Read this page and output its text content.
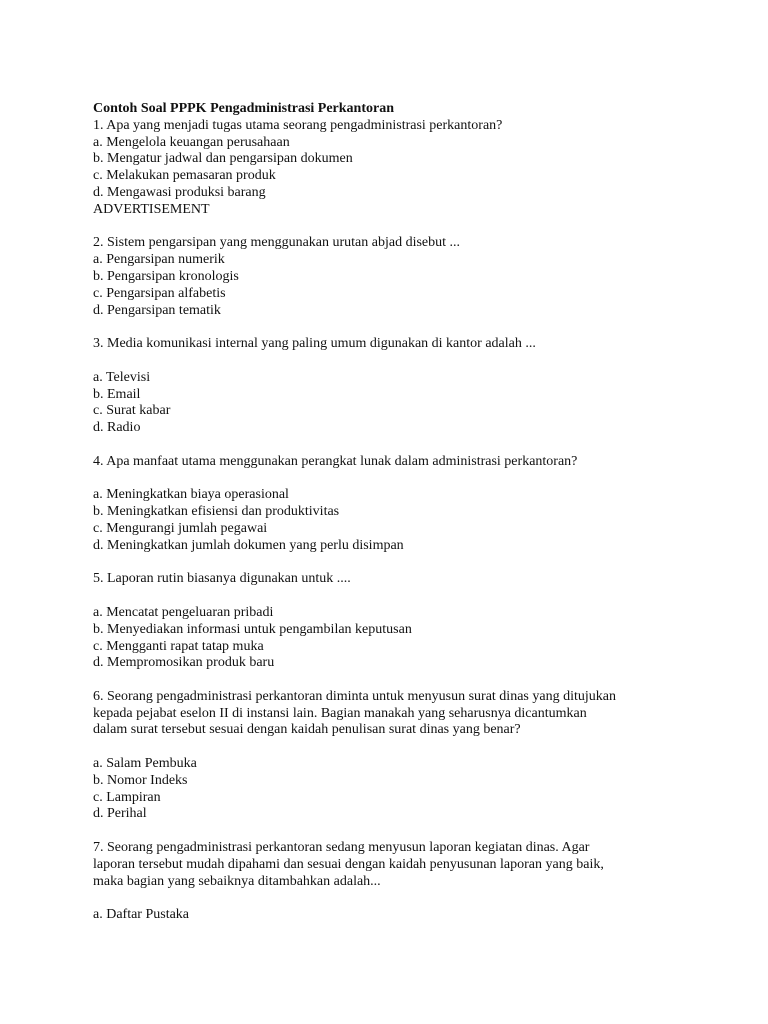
Contoh Soal PPPK Pengadministrasi Perkantoran
1. Apa yang menjadi tugas utama seorang pengadministrasi perkantoran?
a. Mengelola keuangan perusahaan
b. Mengatur jadwal dan pengarsipan dokumen
c. Melakukan pemasaran produk
d. Mengawasi produksi barang
ADVERTISEMENT
2. Sistem pengarsipan yang menggunakan urutan abjad disebut ...
a. Pengarsipan numerik
b. Pengarsipan kronologis
c. Pengarsipan alfabetis
d. Pengarsipan tematik
3. Media komunikasi internal yang paling umum digunakan di kantor adalah ...
a. Televisi
b. Email
c. Surat kabar
d. Radio
4. Apa manfaat utama menggunakan perangkat lunak dalam administrasi perkantoran?
a. Meningkatkan biaya operasional
b. Meningkatkan efisiensi dan produktivitas
c. Mengurangi jumlah pegawai
d. Meningkatkan jumlah dokumen yang perlu disimpan
5. Laporan rutin biasanya digunakan untuk ....
a. Mencatat pengeluaran pribadi
b. Menyediakan informasi untuk pengambilan keputusan
c. Mengganti rapat tatap muka
d. Mempromosikan produk baru
6. Seorang pengadministrasi perkantoran diminta untuk menyusun surat dinas yang ditujukan
kepada pejabat eselon II di instansi lain. Bagian manakah yang seharusnya dicantumkan
dalam surat tersebut sesuai dengan kaidah penulisan surat dinas yang benar?
a. Salam Pembuka
b. Nomor Indeks
c. Lampiran
d. Perihal
7. Seorang pengadministrasi perkantoran sedang menyusun laporan kegiatan dinas. Agar
laporan tersebut mudah dipahami dan sesuai dengan kaidah penyusunan laporan yang baik,
maka bagian yang sebaiknya ditambahkan adalah...
a. Daftar Pustaka
